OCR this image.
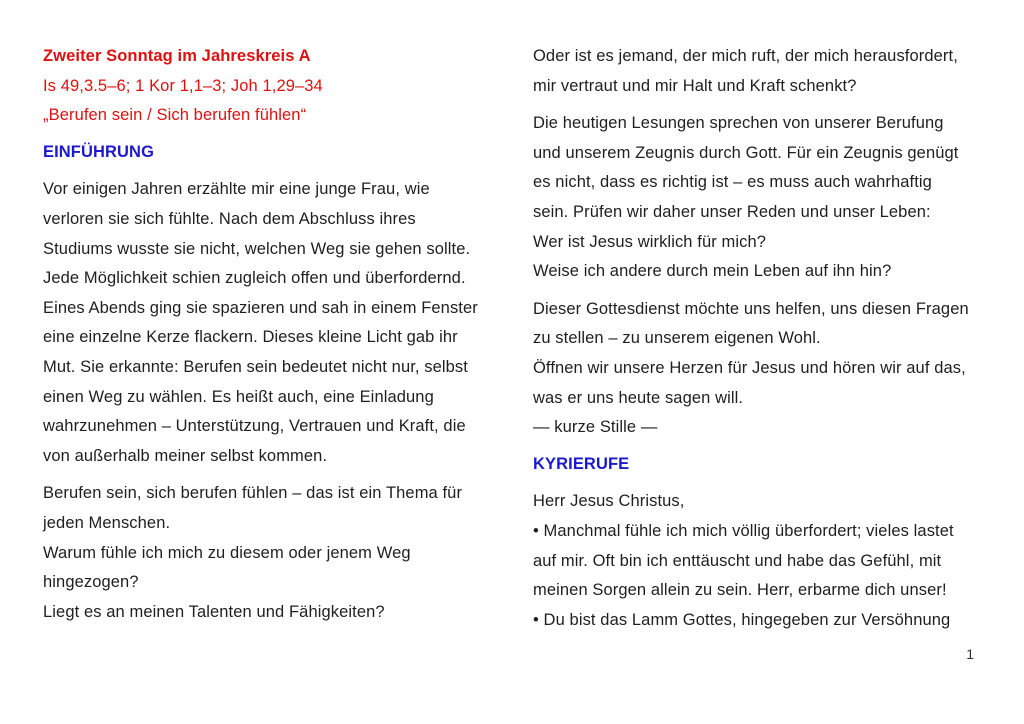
Zweiter Sonntag im Jahreskreis A
Is 49,3.5–6; 1 Kor 1,1–3; Joh 1,29–34
„Berufen sein / Sich berufen fühlen“
EINFÜHRUNG
Vor einigen Jahren erzählte mir eine junge Frau, wie
verloren sie sich fühlte. Nach dem Abschluss ihres
Studiums wusste sie nicht, welchen Weg sie gehen sollte.
Jede Möglichkeit schien zugleich offen und überfordernd.
Eines Abends ging sie spazieren und sah in einem Fenster
eine einzelne Kerze flackern. Dieses kleine Licht gab ihr
Mut. Sie erkannte: Berufen sein bedeutet nicht nur, selbst
einen Weg zu wählen. Es heißt auch, eine Einladung
wahrzunehmen – Unterstützung, Vertrauen und Kraft, die
von außerhalb meiner selbst kommen.
Berufen sein, sich berufen fühlen – das ist ein Thema für
jeden Menschen.
Warum fühle ich mich zu diesem oder jenem Weg
hingezogen?
Liegt es an meinen Talenten und Fähigkeiten?
Oder ist es jemand, der mich ruft, der mich herausfordert,
mir vertraut und mir Halt und Kraft schenkt?
Die heutigen Lesungen sprechen von unserer Berufung
und unserem Zeugnis durch Gott. Für ein Zeugnis genügt
es nicht, dass es richtig ist – es muss auch wahrhaftig
sein. Prüfen wir daher unser Reden und unser Leben:
Wer ist Jesus wirklich für mich?
Weise ich andere durch mein Leben auf ihn hin?
Dieser Gottesdienst möchte uns helfen, uns diesen Fragen
zu stellen – zu unserem eigenen Wohl.
Öffnen wir unsere Herzen für Jesus und hören wir auf das,
was er uns heute sagen will.
— kurze Stille —
KYRIERUFE
Herr Jesus Christus,
• Manchmal fühle ich mich völlig überfordert; vieles lastet
auf mir. Oft bin ich enttäuscht und habe das Gefühl, mit
meinen Sorgen allein zu sein. Herr, erbarme dich unser!
• Du bist das Lamm Gottes, hingegeben zur Versöhnung
1
